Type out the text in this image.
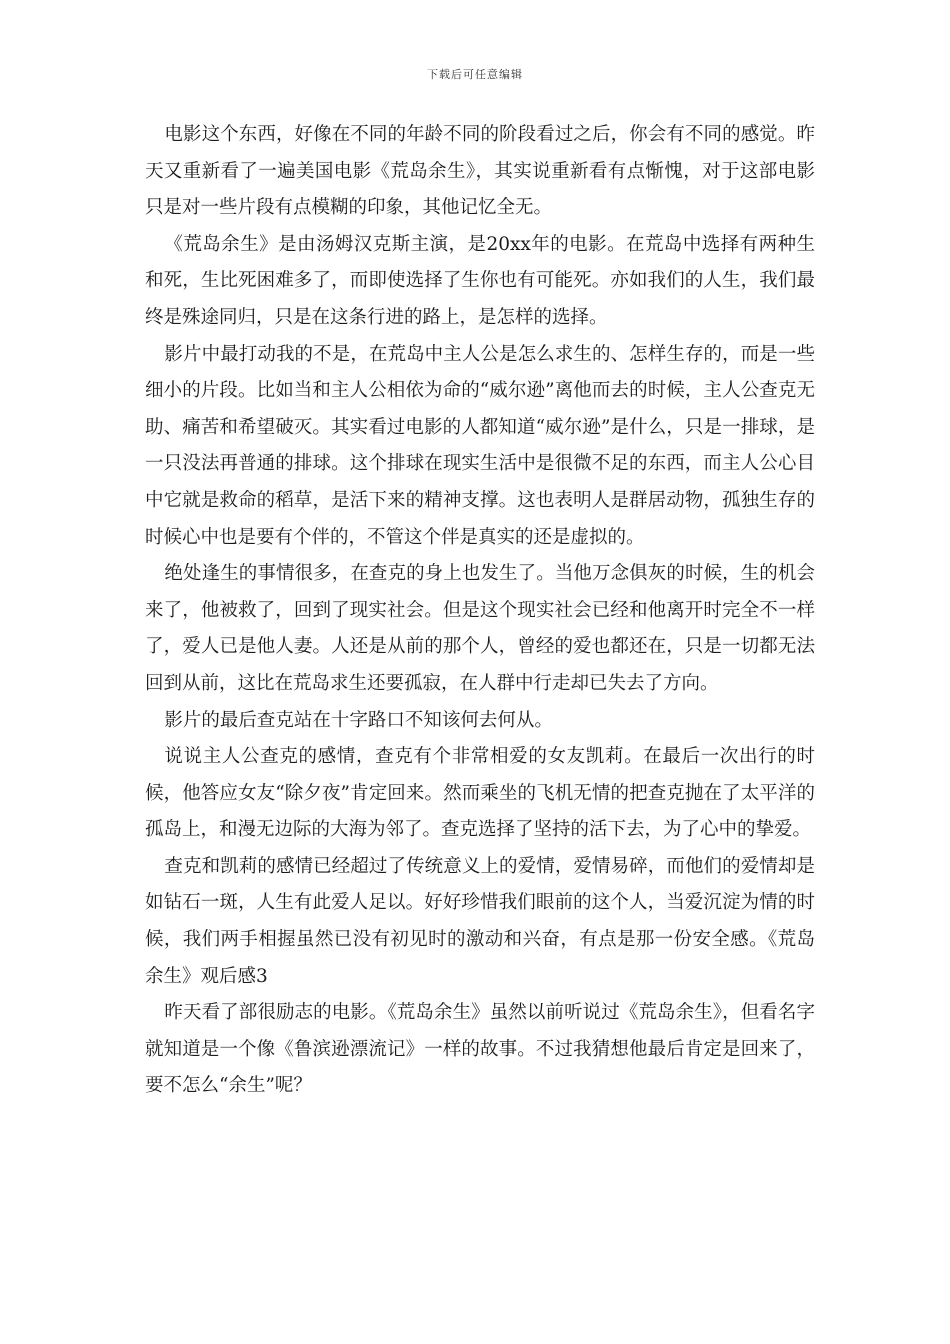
下载后可任意编辑

电影这个东西，好像在不同的年龄不同的阶段看过之后，你会有不同的感觉。昨天又重新看了一遍美国电影《荒岛余生》，其实说重新看有点惭愧，对于这部电影只是对一些片段有点模糊的印象，其他记忆全无。

《荒岛余生》是由汤姆汉克斯主演，是20xx年的电影。在荒岛中选择有两种生和死，生比死困难多了，而即使选择了生你也有可能死。亦如我们的人生，我们最终是殊途同归，只是在这条行进的路上，是怎样的选择。

影片中最打动我的不是，在荒岛中主人公是怎么求生的、怎样生存的，而是一些细小的片段。比如当和主人公相依为命的“威尔逊”离他而去的时候，主人公查克无助、痛苦和希望破灭。其实看过电影的人都知道“威尔逊”是什么，只是一排球，是一只没法再普通的排球。这个排球在现实生活中是很微不足的东西，而主人公心目中它就是救命的稻草，是活下来的精神支撑。这也表明人是群居动物，孤独生存的时候心中也是要有个伴的，不管这个伴是真实的还是虚拟的。

绝处逢生的事情很多，在查克的身上也发生了。当他万念俱灰的时候，生的机会来了，他被救了，回到了现实社会。但是这个现实社会已经和他离开时完全不一样了，爱人已是他人妻。人还是从前的那个人，曾经的爱也都还在，只是一切都无法回到从前，这比在荒岛求生还要孤寂，在人群中行走却已失去了方向。

影片的最后查克站在十字路口不知该何去何从。

说说主人公查克的感情，查克有个非常相爱的女友凯莉。在最后一次出行的时候，他答应女友“除夕夜”肯定回来。然而乘坐的飞机无情的把查克抛在了太平洋的孤岛上，和漫无边际的大海为邻了。查克选择了坚持的活下去，为了心中的挚爱。

查克和凯莉的感情已经超过了传统意义上的爱情，爱情易碎，而他们的爱情却是如钻石一斑，人生有此爱人足以。好好珍惜我们眼前的这个人，当爱沉淀为情的时候，我们两手相握虽然已没有初见时的激动和兴奋，有点是那一份安全感。《荒岛余生》观后感3

昨天看了部很励志的电影。《荒岛余生》虽然以前听说过《荒岛余生》，但看名字就知道是一个像《鲁滨逊漂流记》一样的故事。不过我猜想他最后肯定是回来了，要不怎么“余生”呢？
